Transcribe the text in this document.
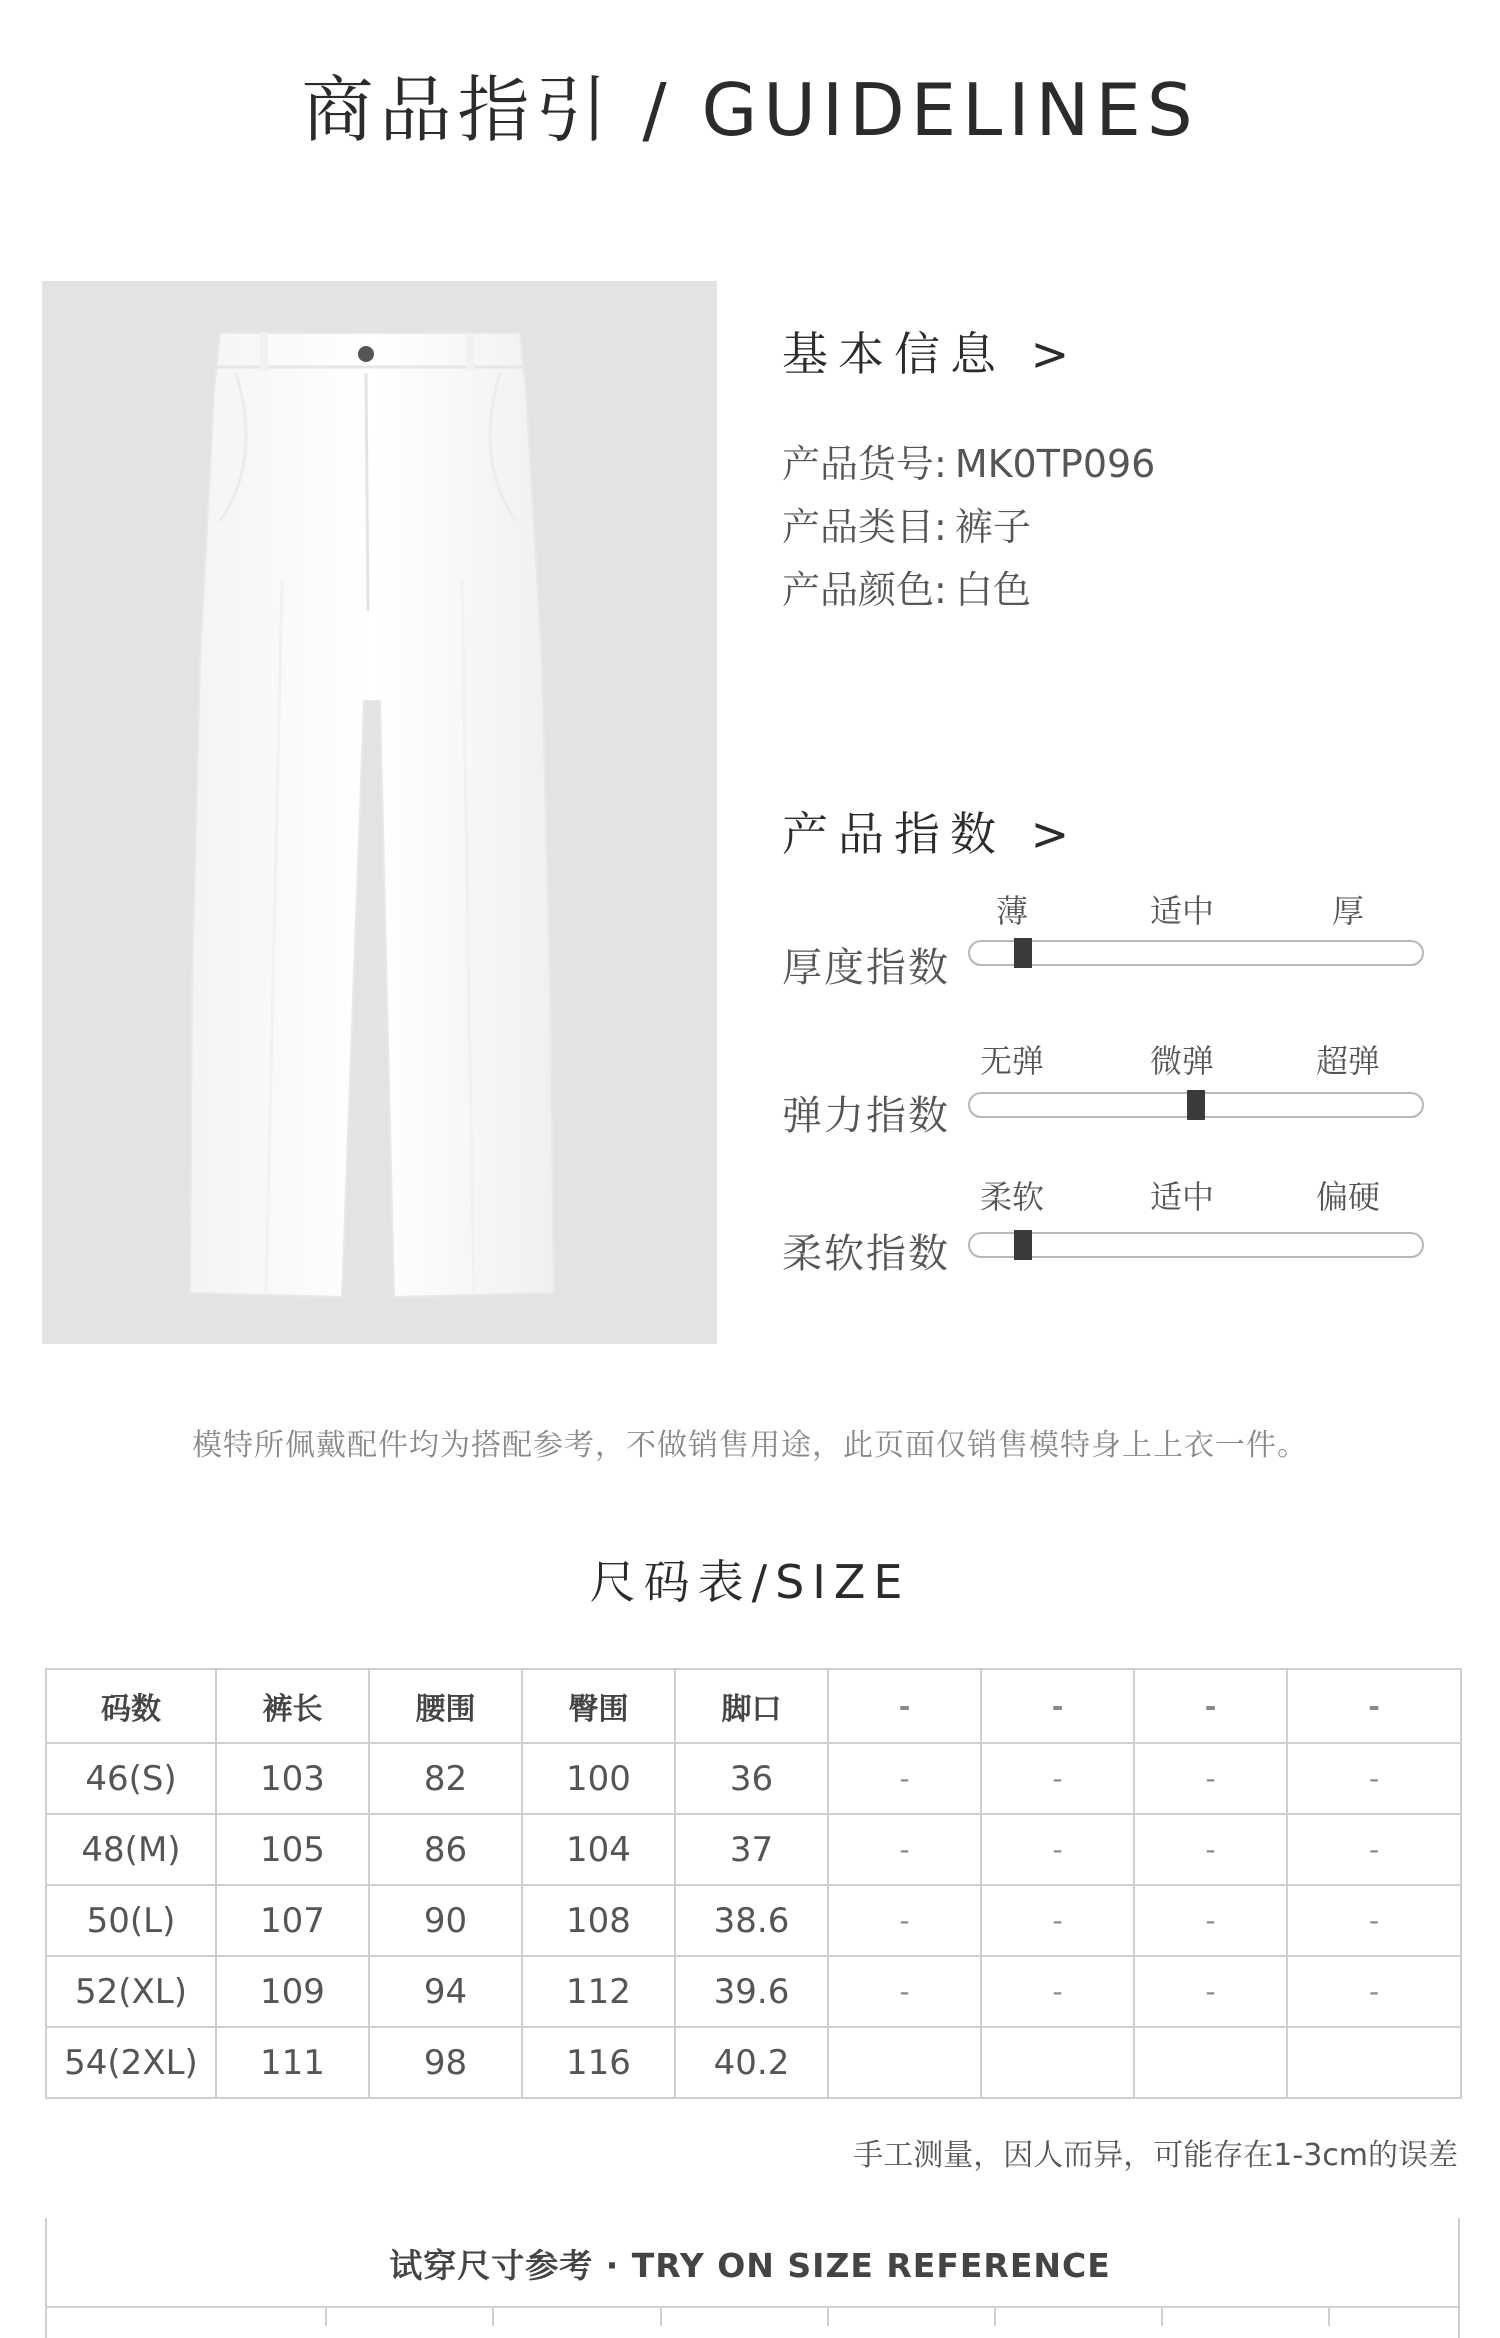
商品指引 / GUIDELINES
基本信息 >
产品货号: MK0TP096
产品类目: 裤子
产品颜色: 白色
产品指数 >
薄	适中	厚
厚度指数
无弹	微弹	超弹
弹力指数
柔软	适中	偏硬
柔软指数
模特所佩戴配件均为搭配参考，不做销售用途，此页面仅销售模特身上上衣一件。
尺码表/SIZE
码数	裤长	腰围	臀围	脚口	-	-	-	-
46(S)	103	82	100	36	-	-	-	-
48(M)	105	86	104	37	-	-	-	-
50(L)	107	90	108	38.6	-	-	-	-
52(XL)	109	94	112	39.6	-	-	-	-
54(2XL)	111	98	116	40.2				
手工测量，因人而异，可能存在1-3cm的误差
试穿尺寸参考 · TRY ON SIZE REFERENCE
